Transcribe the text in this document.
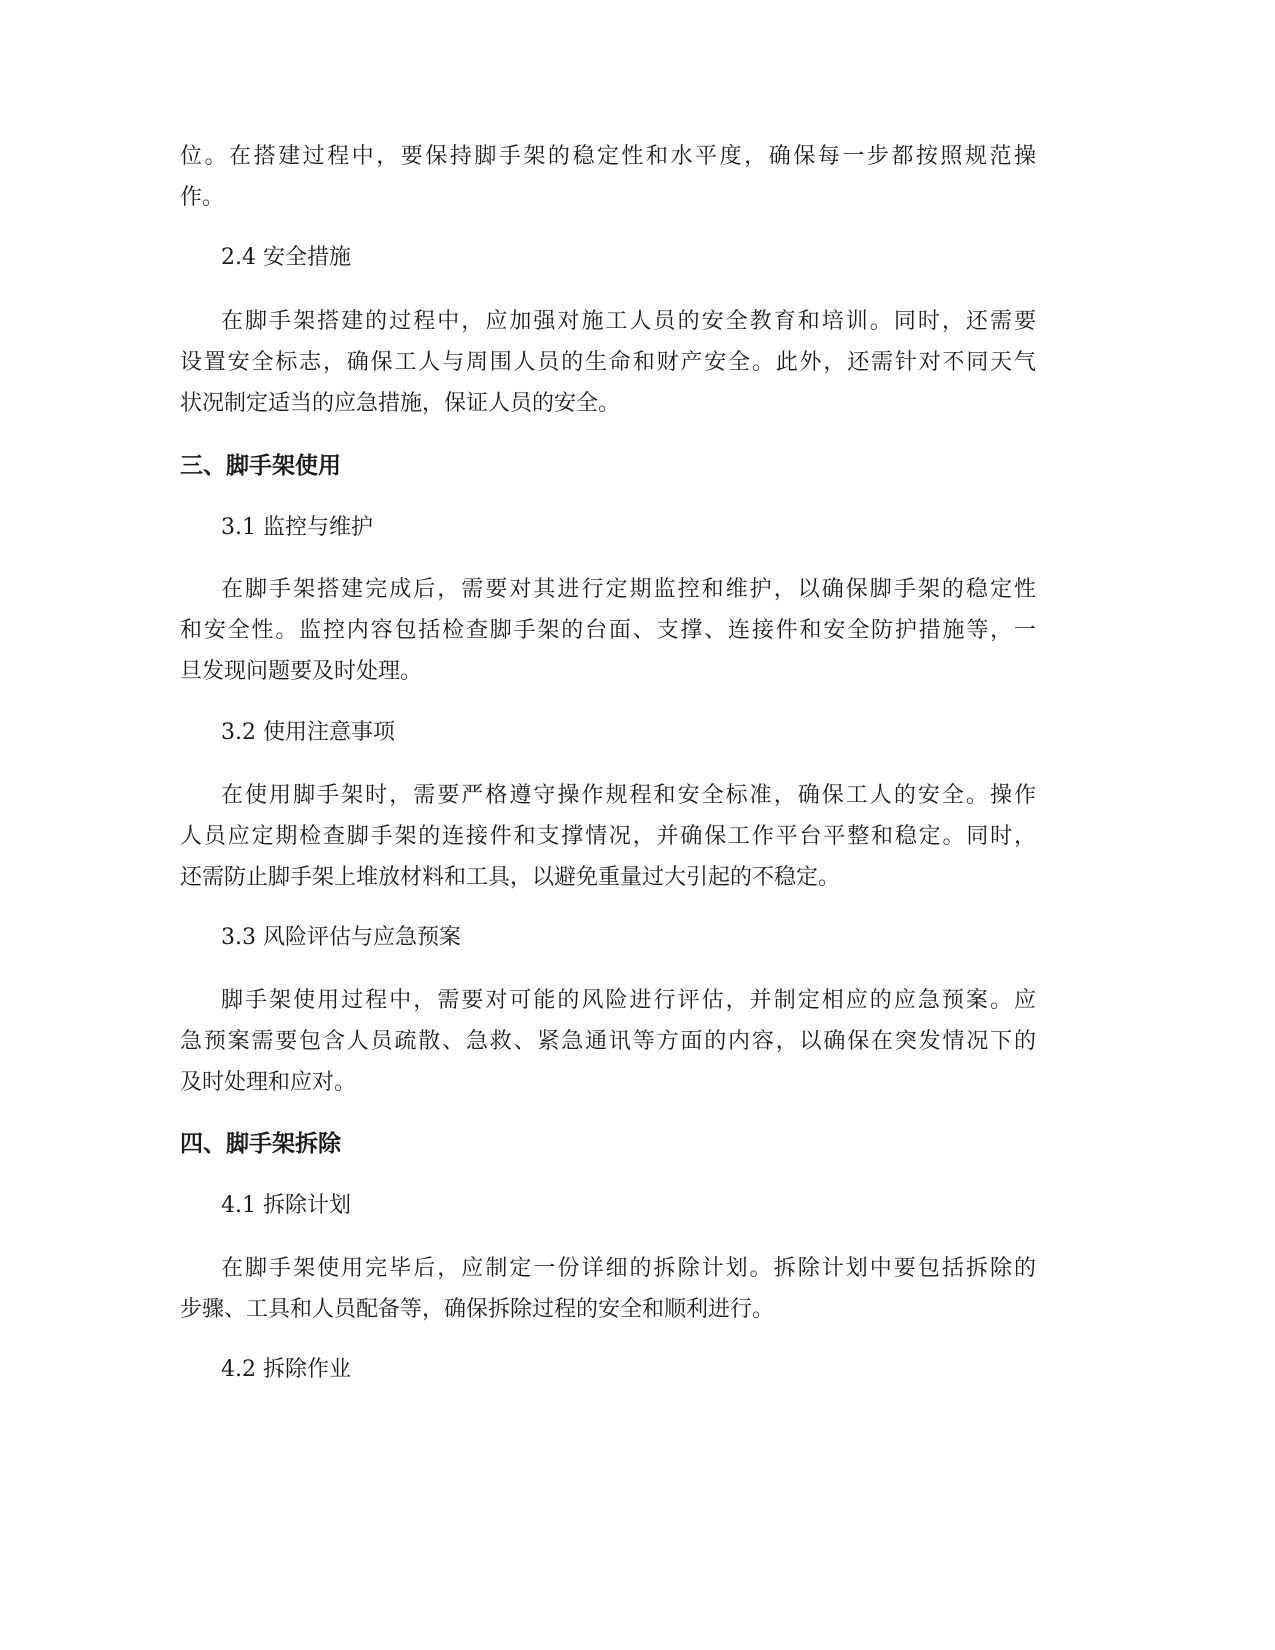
位。在搭建过程中，要保持脚手架的稳定性和水平度，确保每一步都按照规范操
作。
2.4 安全措施
在脚手架搭建的过程中，应加强对施工人员的安全教育和培训。同时，还需要
设置安全标志，确保工人与周围人员的生命和财产安全。此外，还需针对不同天气
状况制定适当的应急措施，保证人员的安全。
三、脚手架使用
3.1 监控与维护
在脚手架搭建完成后，需要对其进行定期监控和维护，以确保脚手架的稳定性
和安全性。监控内容包括检查脚手架的台面、支撑、连接件和安全防护措施等，一
旦发现问题要及时处理。
3.2 使用注意事项
在使用脚手架时，需要严格遵守操作规程和安全标准，确保工人的安全。操作
人员应定期检查脚手架的连接件和支撑情况，并确保工作平台平整和稳定。同时，
还需防止脚手架上堆放材料和工具，以避免重量过大引起的不稳定。
3.3 风险评估与应急预案
脚手架使用过程中，需要对可能的风险进行评估，并制定相应的应急预案。应
急预案需要包含人员疏散、急救、紧急通讯等方面的内容，以确保在突发情况下的
及时处理和应对。
四、脚手架拆除
4.1 拆除计划
在脚手架使用完毕后，应制定一份详细的拆除计划。拆除计划中要包括拆除的
步骤、工具和人员配备等，确保拆除过程的安全和顺利进行。
4.2 拆除作业
